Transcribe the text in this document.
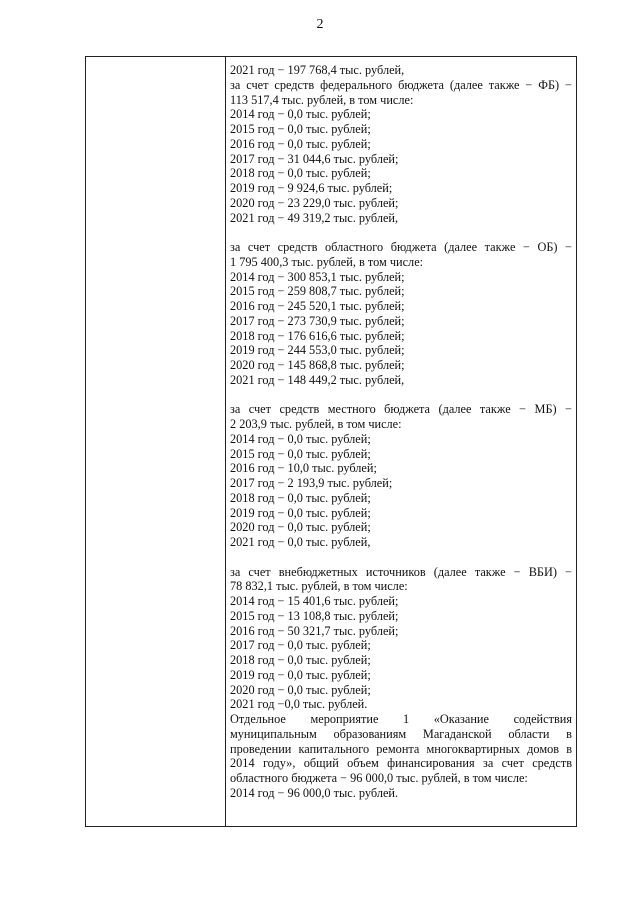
2
2021 год − 197 768,4 тыс. рублей,
за счет средств федерального бюджета (далее также − ФБ) −
113 517,4 тыс. рублей, в том числе:
2014 год − 0,0 тыс. рублей;
2015 год − 0,0 тыс. рублей;
2016 год − 0,0 тыс. рублей;
2017 год − 31 044,6 тыс. рублей;
2018 год − 0,0 тыс. рублей;
2019 год − 9 924,6 тыс. рублей;
2020 год − 23 229,0 тыс. рублей;
2021 год − 49 319,2 тыс. рублей,
за счет средств областного бюджета (далее также − ОБ) −
1 795 400,3 тыс. рублей, в том числе:
2014 год − 300 853,1 тыс. рублей;
2015 год − 259 808,7 тыс. рублей;
2016 год − 245 520,1 тыс. рублей;
2017 год − 273 730,9 тыс. рублей;
2018 год − 176 616,6 тыс. рублей;
2019 год − 244 553,0 тыс. рублей;
2020 год − 145 868,8 тыс. рублей;
2021 год − 148 449,2 тыс. рублей,
за счет средств местного бюджета (далее также − МБ) −
2 203,9 тыс. рублей, в том числе:
2014 год − 0,0 тыс. рублей;
2015 год − 0,0 тыс. рублей;
2016 год − 10,0 тыс. рублей;
2017 год − 2 193,9 тыс. рублей;
2018 год − 0,0 тыс. рублей;
2019 год − 0,0 тыс. рублей;
2020 год − 0,0 тыс. рублей;
2021 год − 0,0 тыс. рублей,
за счет внебюджетных источников (далее также − ВБИ) −
78 832,1 тыс. рублей, в том числе:
2014 год − 15 401,6 тыс. рублей;
2015 год − 13 108,8 тыс. рублей;
2016 год − 50 321,7 тыс. рублей;
2017 год − 0,0 тыс. рублей;
2018 год − 0,0 тыс. рублей;
2019 год − 0,0 тыс. рублей;
2020 год − 0,0 тыс. рублей;
2021 год −0,0 тыс. рублей.
Отдельное мероприятие 1 «Оказание содействия
муниципальным образованиям Магаданской области в
проведении капитального ремонта многоквартирных домов в
2014 году», общий объем финансирования за счет средств
областного бюджета − 96 000,0 тыс. рублей, в том числе:
2014 год − 96 000,0 тыс. рублей.
